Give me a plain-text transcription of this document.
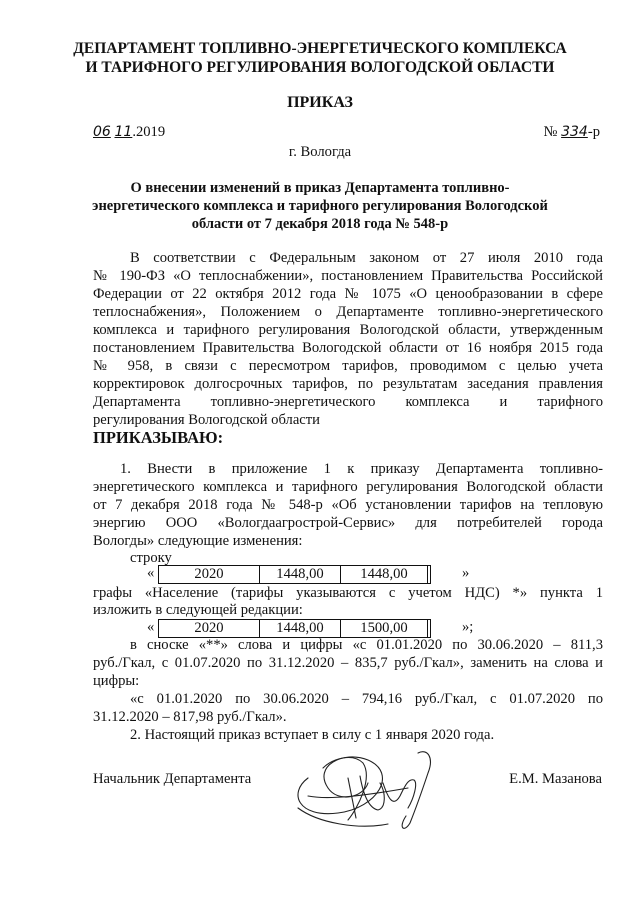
ДЕПАРТАМЕНТ ТОПЛИВНО-ЭНЕРГЕТИЧЕСКОГО КОМПЛЕКСА
И ТАРИФНОГО РЕГУЛИРОВАНИЯ ВОЛОГОДСКОЙ ОБЛАСТИ
ПРИКАЗ
06 11.2019	№ 334-р
г. Вологда
О внесении изменений в приказ Департамента топливно-
энергетического комплекса и тарифного регулирования Вологодской
области от 7 декабря 2018 года № 548-р
В соответствии с Федеральным законом от 27 июля 2010 года
№ 190-ФЗ «О теплоснабжении», постановлением Правительства Российской
Федерации от 22 октября 2012 года № 1075 «О ценообразовании в сфере
теплоснабжения», Положением о Департаменте топливно-энергетического
комплекса и тарифного регулирования Вологодской области, утвержденным
постановлением Правительства Вологодской области от 16 ноября 2015 года
№ 958, в связи с пересмотром тарифов, проводимом с целью учета
корректировок долгосрочных тарифов, по результатам заседания правления
Департамента топливно-энергетического комплекса и тарифного
регулирования Вологодской области
ПРИКАЗЫВАЮ:
1. Внести в приложение 1 к приказу Департамента топливно-
энергетического комплекса и тарифного регулирования Вологодской области
от 7 декабря 2018 года № 548-р «Об установлении тарифов на тепловую
энергию ООО «Вологдаагрострой-Сервис» для потребителей города
Вологды» следующие изменения:
строку
«	2020	1448,00	1448,00		»
графы «Население (тарифы указываются с учетом НДС) *» пункта 1
изложить в следующей редакции:
«	2020	1448,00	1500,00		»;
в сноске «**» слова и цифры «с 01.01.2020 по 30.06.2020 – 811,3
руб./Гкал, с 01.07.2020 по 31.12.2020 – 835,7 руб./Гкал», заменить на слова и
цифры:
«с 01.01.2020 по 30.06.2020 – 794,16 руб./Гкал, с 01.07.2020 по
31.12.2020 – 817,98 руб./Гкал».
2. Настоящий приказ вступает в силу с 1 января 2020 года.
Начальник Департамента	Е.М. Мазанова
